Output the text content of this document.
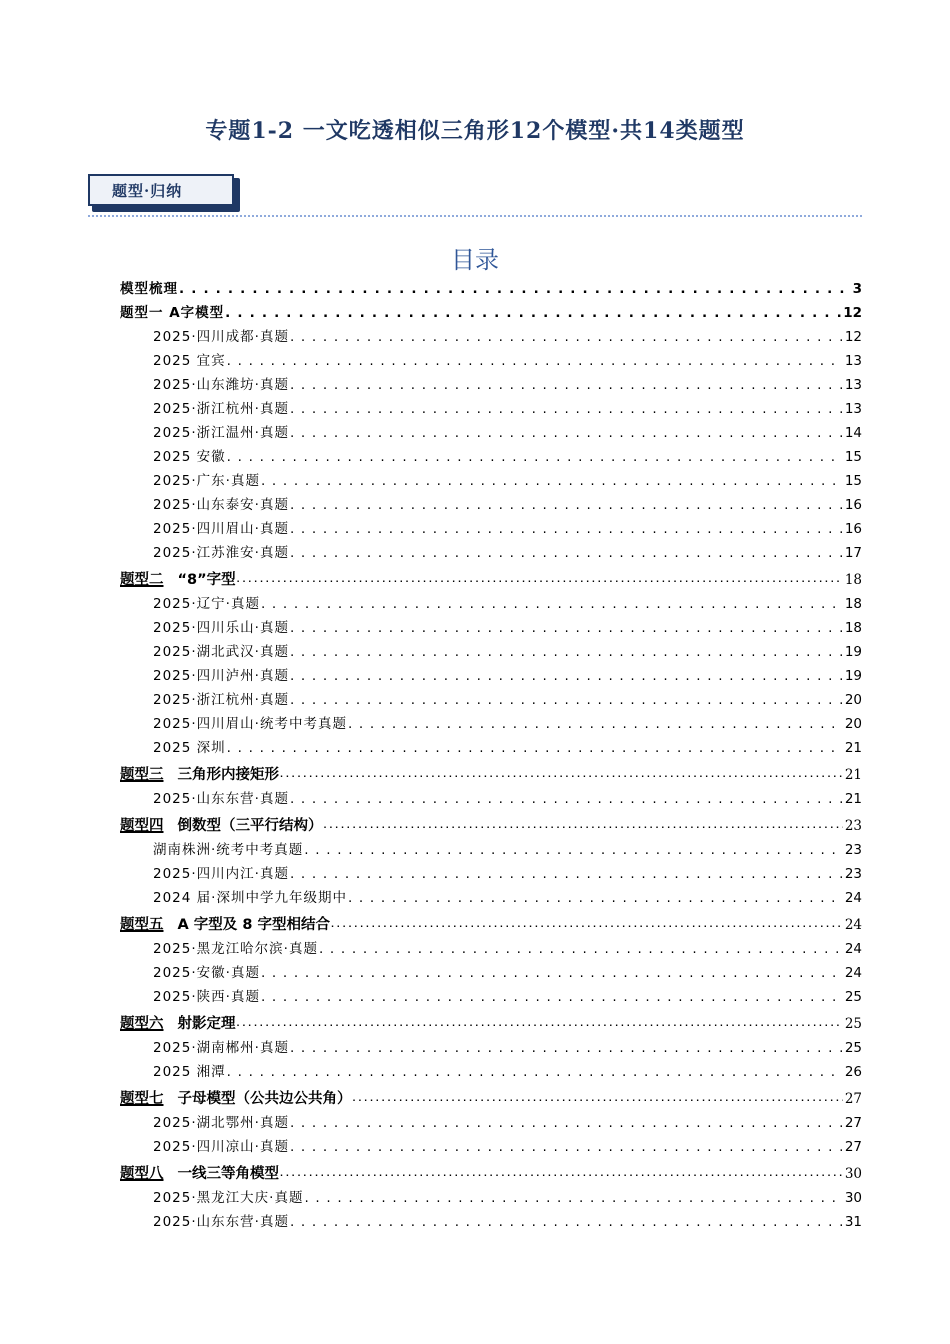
专题1-2 一文吃透相似三角形12个模型·共14类题型
题型·归纳
目录
模型梳理 . . .	3
题型一 A字模型 . . .	12
2025·四川成都·真题 . . .	12
2025 宜宾 . . .	13
2025·山东潍坊·真题 . . .	13
2025·浙江杭州·真题 . . .	13
2025·浙江温州·真题 . . .	14
2025 安徽 . . .	15
2025·广东·真题 . . .	15
2025·山东泰安·真题 . . .	16
2025·四川眉山·真题 . . .	16
2025·江苏淮安·真题 . . .	17
题型二 “8”字型 . . .	18
2025·辽宁·真题 . . .	18
2025·四川乐山·真题 . . .	18
2025·湖北武汉·真题 . . .	19
2025·四川泸州·真题 . . .	19
2025·浙江杭州·真题 . . .	20
2025·四川眉山·统考中考真题 . . .	20
2025 深圳 . . .	21
题型三 三角形内接矩形 . . .	21
2025·山东东营·真题 . . .	21
题型四 倒数型（三平行结构） . . .	23
湖南株洲·统考中考真题 . . .	23
2025·四川内江·真题 . . .	23
2024 届·深圳中学九年级期中 . . .	24
题型五 A 字型及 8 字型相结合 . . .	24
2025·黑龙江哈尔滨·真题 . . .	24
2025·安徽·真题 . . .	24
2025·陕西·真题 . . .	25
题型六 射影定理 . . .	25
2025·湖南郴州·真题 . . .	25
2025 湘潭 . . .	26
题型七 子母模型（公共边公共角） . . .	27
2025·湖北鄂州·真题 . . .	27
2025·四川凉山·真题 . . .	27
题型八 一线三等角模型 . . .	30
2025·黑龙江大庆·真题 . . .	30
2025·山东东营·真题 . . .	31
